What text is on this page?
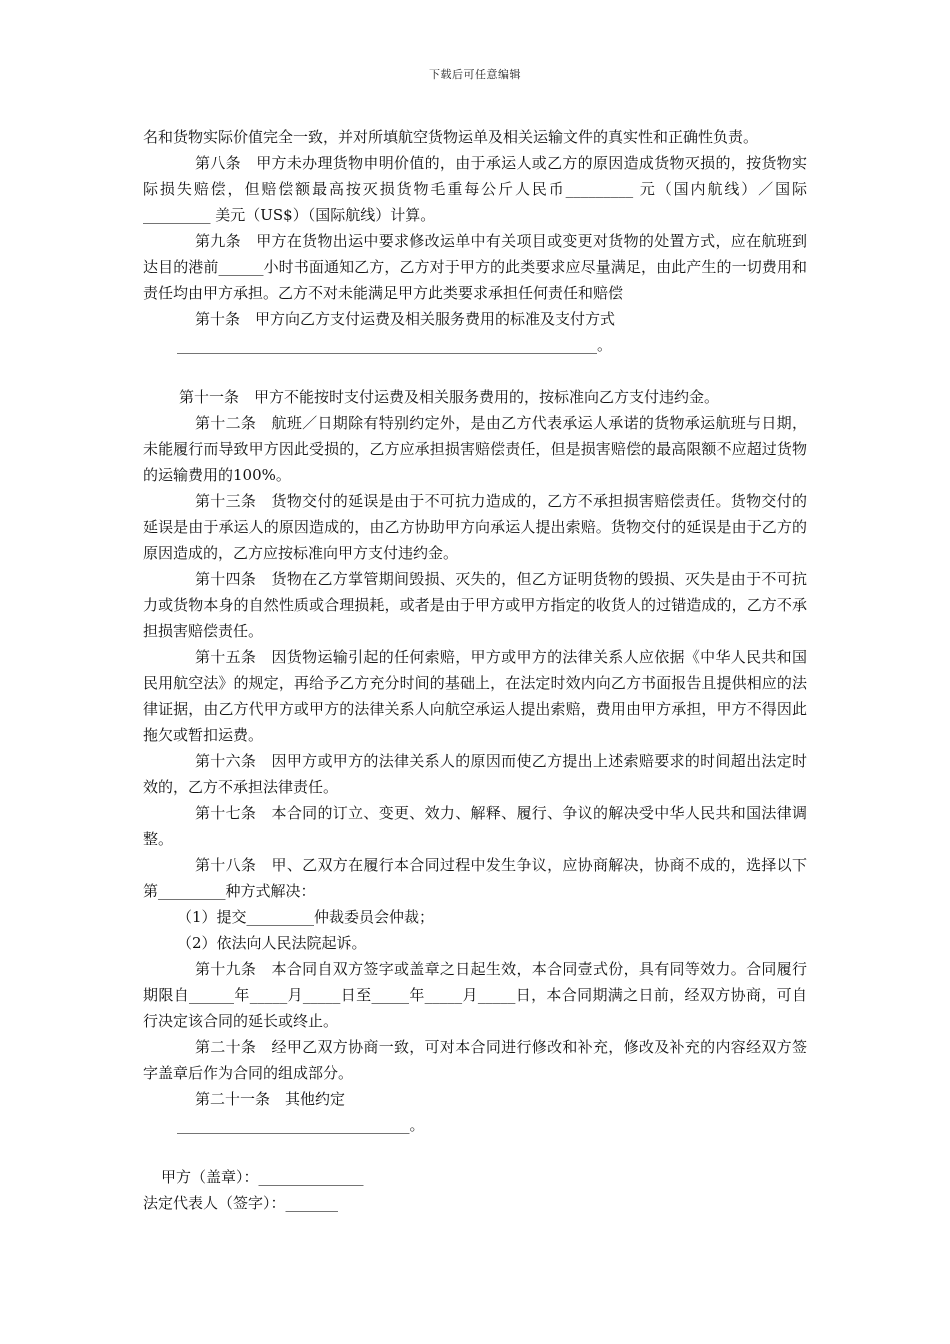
下载后可任意编辑

名和货物实际价值完全一致，并对所填航空货物运单及相关运输文件的真实性和正确性负责。

第八条　甲方未办理货物申明价值的，由于承运人或乙方的原因造成货物灭损的，按货物实际损失赔偿，但赔偿额最高按灭损货物毛重每公斤人民币_________ 元（国内航线）／国际_________ 美元（US$）（国际航线）计算。

第九条　甲方在货物出运中要求修改运单中有关项目或变更对货物的处置方式，应在航班到达目的港前______小时书面通知乙方，乙方对于甲方的此类要求应尽量满足，由此产生的一切费用和责任均由甲方承担。乙方不对未能满足甲方此类要求承担任何责任和赔偿

第十条　甲方向乙方支付运费及相关服务费用的标准及支付方式

________________________________________________________。

第十一条　甲方不能按时支付运费及相关服务费用的，按标准向乙方支付违约金。

第十二条　航班／日期除有特别约定外，是由乙方代表承运人承诺的货物承运航班与日期，未能履行而导致甲方因此受损的，乙方应承担损害赔偿责任，但是损害赔偿的最高限额不应超过货物的运输费用的100%。

第十三条　货物交付的延误是由于不可抗力造成的，乙方不承担损害赔偿责任。货物交付的延误是由于承运人的原因造成的，由乙方协助甲方向承运人提出索赔。货物交付的延误是由于乙方的原因造成的，乙方应按标准向甲方支付违约金。

第十四条　货物在乙方掌管期间毁损、灭失的，但乙方证明货物的毁损、灭失是由于不可抗力或货物本身的自然性质或合理损耗，或者是由于甲方或甲方指定的收货人的过错造成的，乙方不承担损害赔偿责任。

第十五条　因货物运输引起的任何索赔，甲方或甲方的法律关系人应依据《中华人民共和国民用航空法》的规定，再给予乙方充分时间的基础上，在法定时效内向乙方书面报告且提供相应的法律证据，由乙方代甲方或甲方的法律关系人向航空承运人提出索赔，费用由甲方承担，甲方不得因此拖欠或暂扣运费。

第十六条　因甲方或甲方的法律关系人的原因而使乙方提出上述索赔要求的时间超出法定时效的，乙方不承担法律责任。

第十七条　本合同的订立、变更、效力、解释、履行、争议的解决受中华人民共和国法律调整。

第十八条　甲、乙双方在履行本合同过程中发生争议，应协商解决，协商不成的，选择以下第_________种方式解决：

（1）提交_________仲裁委员会仲裁；

（2）依法向人民法院起诉。

第十九条　本合同自双方签字或盖章之日起生效，本合同壹式份，具有同等效力。合同履行期限自______年_____月_____日至_____年_____月_____日，本合同期满之日前，经双方协商，可自行决定该合同的延长或终止。

第二十条　经甲乙双方协商一致，可对本合同进行修改和补充，修改及补充的内容经双方签字盖章后作为合同的组成部分。

第二十一条　其他约定

_______________________________。

甲方（盖章）：______________

法定代表人（签字）：_______
